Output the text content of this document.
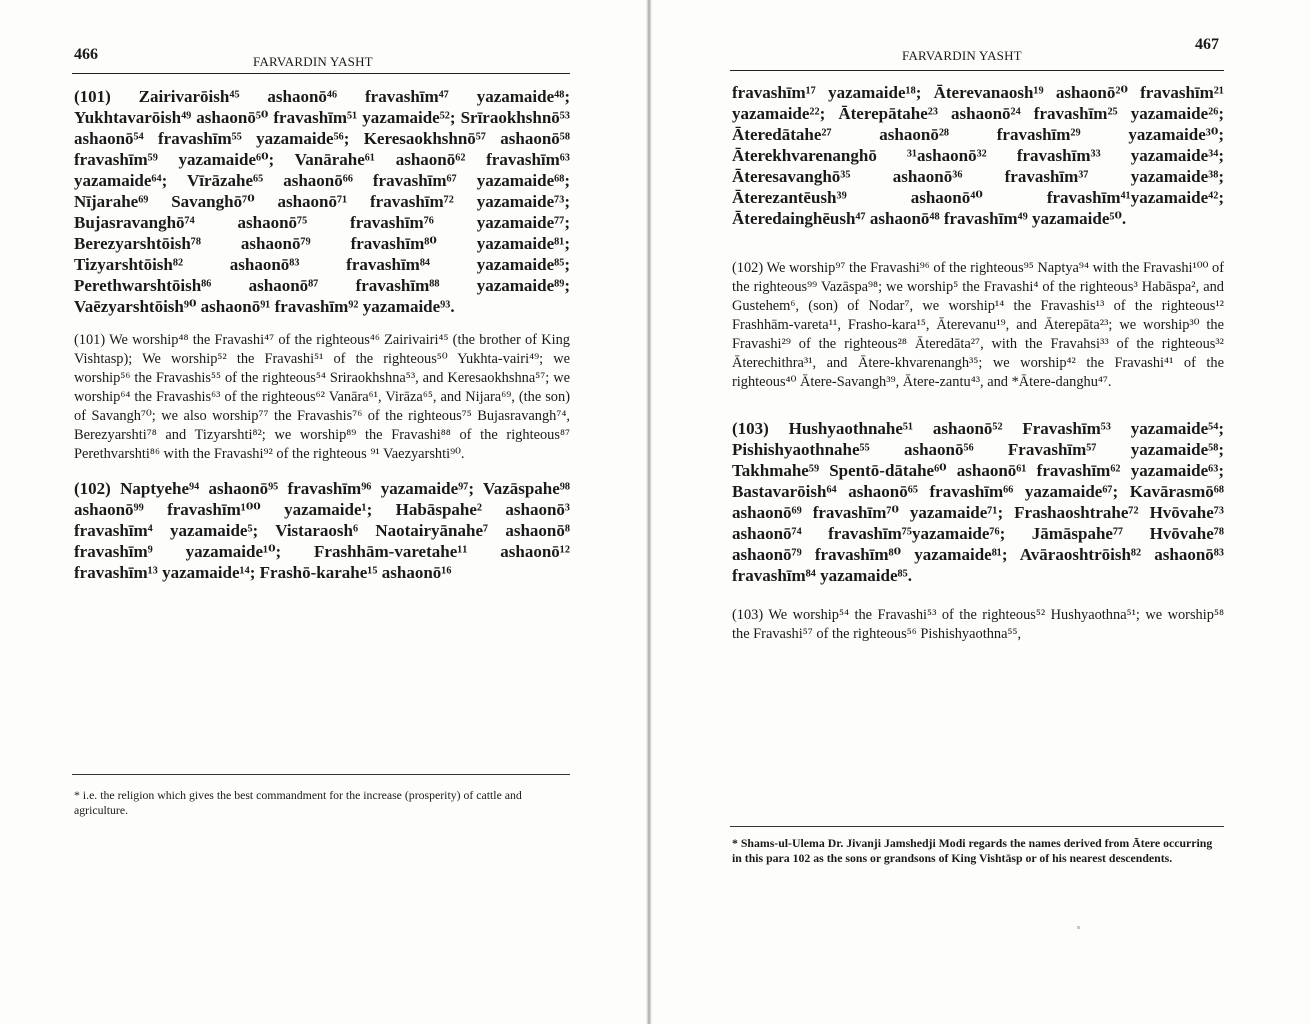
466	FARVARDIN YASHT

(101) Zairivarōish⁴⁵ ashaonō⁴⁶ fravashīm⁴⁷ yazamaide⁴⁸; Yukhtavarōish⁴⁹ ashaonō⁵⁰ fravashīm⁵¹ yazamaide⁵²; Srīraokhshnō⁵³ ashaonō⁵⁴ fravashīm⁵⁵ yazamaide⁵⁶; Keresaokhshnō⁵⁷ ashaonō⁵⁸ fravashīm⁵⁹ yazamaide⁶⁰; Vanārahe⁶¹ ashaonō⁶² fravashīm⁶³ yazamaide⁶⁴; Vīrāzahe⁶⁵ ashaonō⁶⁶ fravashīm⁶⁷ yazamaide⁶⁸; Nījarahe⁶⁹ Savanghō⁷⁰ ashaonō⁷¹ fravashīm⁷² yazamaide⁷³; Bujasravanghō⁷⁴ ashaonō⁷⁵ fravashīm⁷⁶ yazamaide⁷⁷; Berezyarshtōish⁷⁸ ashaonō⁷⁹ fravashīm⁸⁰ yazamaide⁸¹; Tizyarshtōish⁸² ashaonō⁸³ fravashīm⁸⁴ yazamaide⁸⁵; Perethwarshtōish⁸⁶ ashaonō⁸⁷ fravashīm⁸⁸ yazamaide⁸⁹; Vaēzyarshtōish⁹⁰ ashaonō⁹¹ fravashīm⁹² yazamaide⁹³.

(101) We worship⁴⁸ the Fravashi⁴⁷ of the righteous⁴⁶ Zairivairi⁴⁵ (the brother of King Vishtasp); We worship⁵² the Fravashi⁵¹ of the righteous⁵⁰ Yukhta-vairi⁴⁹; we worship⁵⁶ the Fravashis⁵⁵ of the righteous⁵⁴ Sriraokhshna⁵³, and Keresaokhshna⁵⁷; we worship⁶⁴ the Fravashis⁶³ of the righteous⁶² Vanāra⁶¹, Virāza⁶⁵, and Nijara⁶⁹, (the son) of Savangh⁷⁰; we also worship⁷⁷ the Fravashis⁷⁶ of the righteous⁷⁵ Bujasravangh⁷⁴, Berezyarshti⁷⁸ and Tizyarshti⁸²; we worship⁸⁹ the Fravashi⁸⁸ of the righteous⁸⁷ Perethvarshti⁸⁶ with the Fravashi⁹² of the righteous ⁹¹ Vaezyarshti⁹⁰.

(102) Naptyehe⁹⁴ ashaonō⁹⁵ fravashīm⁹⁶ yazamaide⁹⁷; Vazāspahe⁹⁸ ashaonō⁹⁹ fravashīm¹⁰⁰ yazamaide¹; Habāspahe² ashaonō³ fravashīm⁴ yazamaide⁵; Vistaraosh⁶ Naotairyānahe⁷ ashaonō⁸ fravashīm⁹ yazamaide¹⁰; Frashhām-varetahe¹¹ ashaonō¹² fravashīm¹³ yazamaide¹⁴; Frashō-karahe¹⁵ ashaonō¹⁶

* i.e. the religion which gives the best commandment for the increase (prosperity) of cattle and agriculture.
467
FARVARDIN YASHT

fravashīm¹⁷ yazamaide¹⁸; Āterevanaosh¹⁹ ashaonō²⁰ fravashīm²¹ yazamaide²²; Āterepātahe²³ ashaonō²⁴ fravashīm²⁵ yazamaide²⁶; Āteredātahe²⁷ ashaonō²⁸ fravashīm²⁹ yazamaide³⁰; Āterekhvarenanghō ³¹ashaonō³² fravashīm³³ yazamaide³⁴; Āteresavanghō³⁵ ashaonō³⁶ fravashīm³⁷ yazamaide³⁸; Āterezantēush³⁹ ashaonō⁴⁰ fravashīm⁴¹yazamaide⁴²; Āteredainghēush⁴⁷ ashaonō⁴⁸ fravashīm⁴⁹ yazamaide⁵⁰.

(102) We worship⁹⁷ the Fravashi⁹⁶ of the righteous⁹⁵ Naptya⁹⁴ with the Fravashi¹⁰⁰ of the righteous⁹⁹ Vazāspa⁹⁸; we worship⁵ the Fravashi⁴ of the righteous³ Habāspa², and Gustehem⁶, (son) of Nodar⁷, we worship¹⁴ the Fravashis¹³ of the righteous¹² Frashhām-vareta¹¹, Frasho-kara¹⁵, Āterevanu¹⁹, and Āterepāta²³; we worship³⁰ the Fravashi²⁹ of the righteous²⁸ Āteredāta²⁷, with the Fravahsi³³ of the righteous³² Āterechithra³¹, and Ātere-khvarenangh³⁵; we worship⁴² the Fravashi⁴¹ of the righteous⁴⁰ Ātere-Savangh³⁹, Ātere-zantu⁴³, and *Ātere-danghu⁴⁷.

(103) Hushyaothnahe⁵¹ ashaonō⁵² Fravashīm⁵³ yazamaide⁵⁴; Pishishyaothnahe⁵⁵ ashaonō⁵⁶ Fravashīm⁵⁷ yazamaide⁵⁸; Takhmahe⁵⁹ Spentō-dātahe⁶⁰ ashaonō⁶¹ fravashīm⁶² yazamaide⁶³; Bastavarōish⁶⁴ ashaonō⁶⁵ fravashīm⁶⁶ yazamaide⁶⁷; Kavārasmō⁶⁸ ashaonō⁶⁹ fravashīm⁷⁰ yazamaide⁷¹; Frashaoshtrahe⁷² Hvōvahe⁷³ ashaonō⁷⁴ fravashīm⁷⁵yazamaide⁷⁶; Jāmāspahe⁷⁷ Hvōvahe⁷⁸ ashaonō⁷⁹ fravashīm⁸⁰ yazamaide⁸¹; Avāraoshtrōish⁸² ashaonō⁸³ fravashīm⁸⁴ yazamaide⁸⁵.

(103) We worship⁵⁴ the Fravashi⁵³ of the righteous⁵² Hushyaothna⁵¹; we worship⁵⁸ the Fravashi⁵⁷ of the righteous⁵⁶ Pishishyaothna⁵⁵,

* Shams-ul-Ulema Dr. Jivanji Jamshedji Modi regards the names derived from Ātere occurring in this para 102 as the sons or grandsons of King Vishtāsp or of his nearest descendents.
